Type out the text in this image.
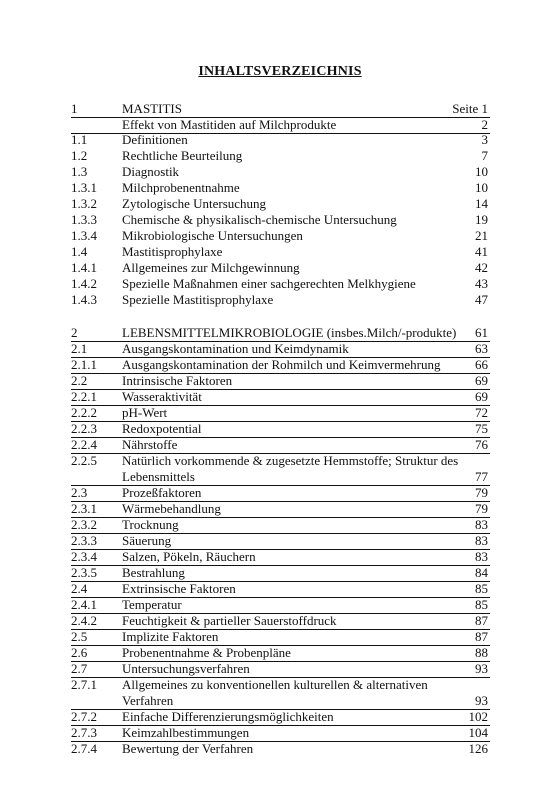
INHALTSVERZEICHNIS
1	MASTITIS	Seite 1
Effekt von Mastitiden auf Milchprodukte	2
1.1	Definitionen	3
1.2	Rechtliche Beurteilung	7
1.3	Diagnostik	10
1.3.1 Milchprobenentnahme	10
1.3.2 Zytologische Untersuchung	14
1.3.3 Chemische & physikalisch-chemische Untersuchung	19
1.3.4 Mikrobiologische Untersuchungen	21
1.4	Mastitisprophylaxe	41
1.4.1 Allgemeines zur Milchgewinnung	42
1.4.2 Spezielle Maßnahmen einer sachgerechten Melkhygiene	43
1.4.3 Spezielle Mastitisprophylaxe	47
2	LEBENSMITTELMIKROBIOLOGIE (insbes.Milch/-produkte) 61
2.1	Ausgangskontamination und Keimdynamik	63
2.1.1 Ausgangskontamination der Rohmilch und Keimvermehrung	66
2.2	Intrinsische Faktoren	69
2.2.1 Wasseraktivität	69
2.2.2 pH-Wert	72
2.2.3 Redoxpotential	75
2.2.4 Nährstoffe	76
2.2.5 Natürlich vorkommende & zugesetzte Hemmstoffe; Struktur des Lebensmittels	77
2.3	Prozeßfaktoren	79
2.3.1 Wärmebehandlung	79
2.3.2 Trocknung	83
2.3.3 Säuerung	83
2.3.4 Salzen, Pökeln, Räuchern	83
2.3.5 Bestrahlung	84
2.4	Extrinsische Faktoren	85
2.4.1 Temperatur	85
2.4.2 Feuchtigkeit & partieller Sauerstoffdruck	87
2.5	Implizite Faktoren	87
2.6	Probenentnahme & Probenpläne	88
2.7	Untersuchungsverfahren	93
2.7.1 Allgemeines zu konventionellen kulturellen & alternativen Verfahren	93
2.7.2 Einfache Differenzierungsmöglichkeiten	102
2.7.3 Keimzahlbestimmungen	104
2.7.4 Bewertung der Verfahren	126
